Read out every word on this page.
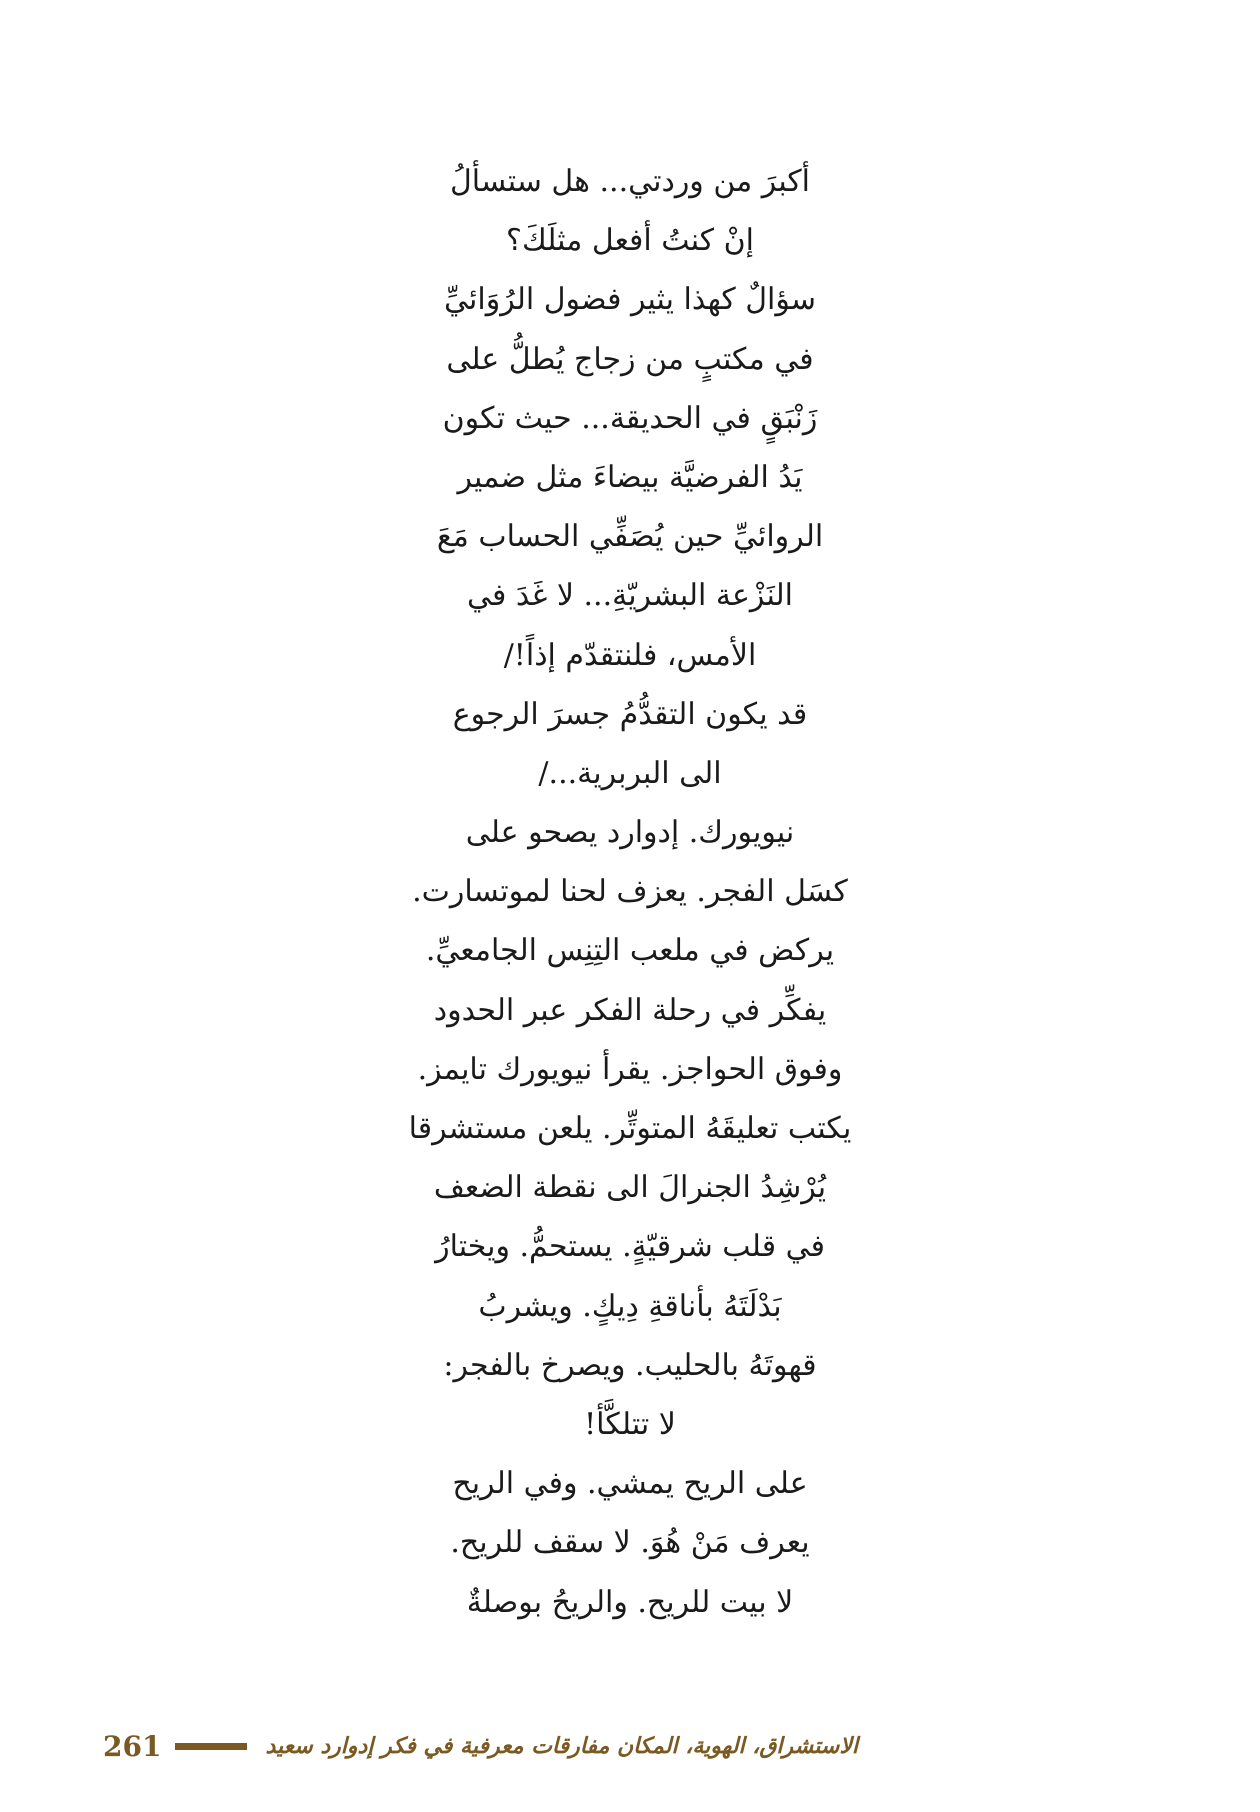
أكبرَ من وردتي... هل ستسألُ
إنْ كنتُ أفعل مثلَكَ؟
سؤالٌ كهذا يثير فضول الرُوَائيِّ
في مكتبٍ من زجاج يُطلُّ على
زَنْبَقٍ في الحديقة... حيث تكون
يَدُ الفرضيَّة بيضاءَ مثل ضمير
الروائيِّ حين يُصَفِّي الحساب مَعَ
النَزْعة البشريّةِ... لا غَدَ في
الأمس، فلنتقدّم إذاً!/
قد يكون التقدُّمُ جسرَ الرجوع
الى البربرية.../
نيويورك. إدوارد يصحو على
كسَل الفجر. يعزف لحنا لموتسارت.
يركض في ملعب التِنِس الجامعيِّ.
يفكِّر في رحلة الفكر عبر الحدود
وفوق الحواجز. يقرأ نيويورك تايمز.
يكتب تعليقَهُ المتوتِّر. يلعن مستشرقا
يُرْشِدُ الجنرالَ الى نقطة الضعف
في قلب شرقيّةٍ. يستحمُّ. ويختارُ
بَدْلَتَهُ بأناقةِ دِيكٍ. ويشربُ
قهوتَهُ بالحليب. ويصرخ بالفجر:
لا تتلكَّأ!
على الريح يمشي. وفي الريح
يعرف مَنْ هُوَ. لا سقف للريح.
لا بيت للريح. والريحُ بوصلةٌ
261	الاستشراق، الهوية، المكان مفارقات معرفية في فكر إدوارد سعيد
